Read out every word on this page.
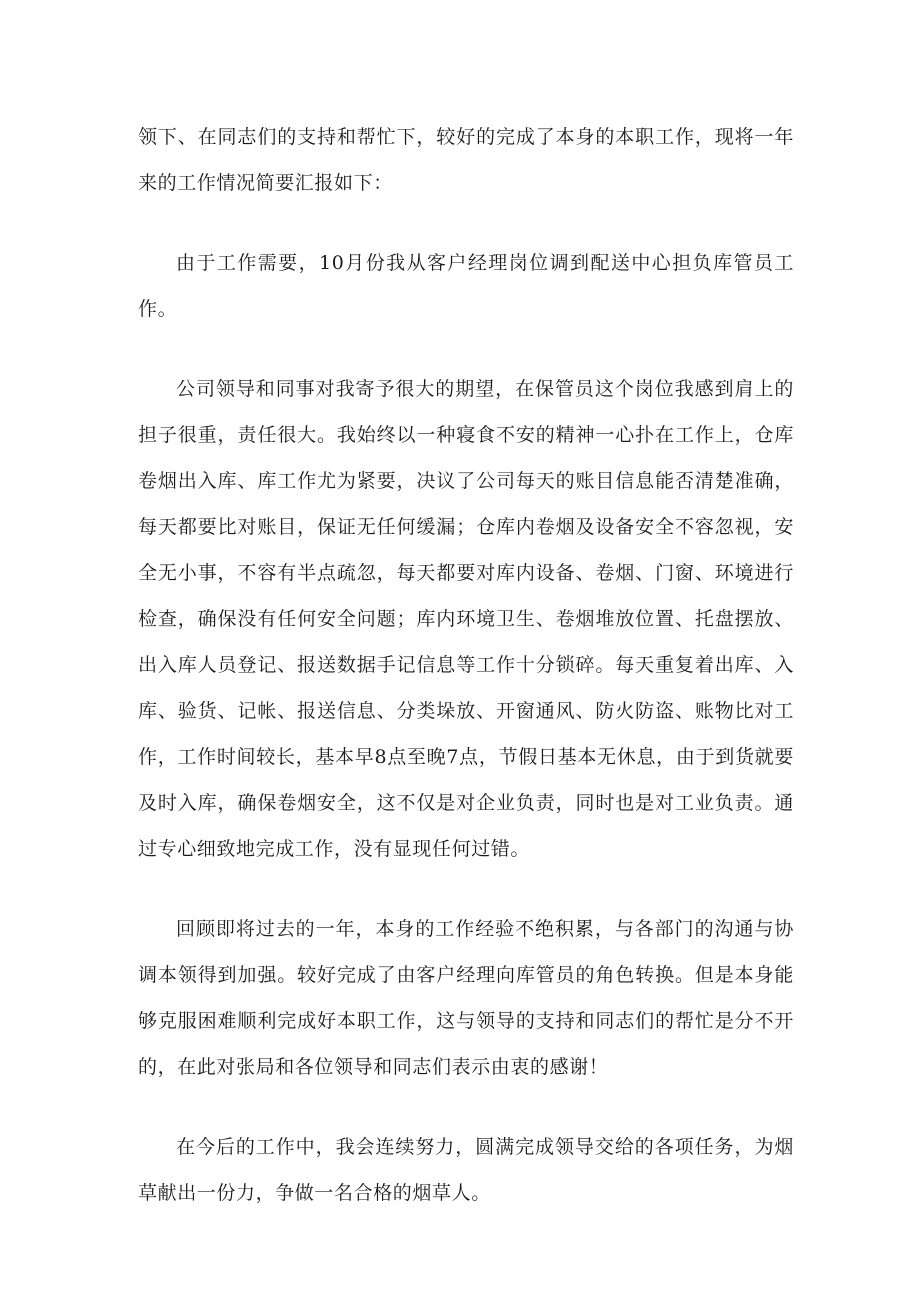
领下、在同志们的支持和帮忙下，较好的完成了本身的本职工作，现将一年来的工作情况简要汇报如下：

由于工作需要，10月份我从客户经理岗位调到配送中心担负库管员工作。

公司领导和同事对我寄予很大的期望，在保管员这个岗位我感到肩上的担子很重，责任很大。我始终以一种寝食不安的精神一心扑在工作上，仓库卷烟出入库、库工作尤为紧要，决议了公司每天的账目信息能否清楚准确，每天都要比对账目，保证无任何缓漏；仓库内卷烟及设备安全不容忽视，安全无小事，不容有半点疏忽，每天都要对库内设备、卷烟、门窗、环境进行检查，确保没有任何安全问题；库内环境卫生、卷烟堆放位置、托盘摆放、出入库人员登记、报送数据手记信息等工作十分锁碎。每天重复着出库、入库、验货、记帐、报送信息、分类垛放、开窗通风、防火防盗、账物比对工作，工作时间较长，基本早8点至晚7点，节假日基本无休息，由于到货就要及时入库，确保卷烟安全，这不仅是对企业负责，同时也是对工业负责。通过专心细致地完成工作，没有显现任何过错。

回顾即将过去的一年，本身的工作经验不绝积累，与各部门的沟通与协调本领得到加强。较好完成了由客户经理向库管员的角色转换。但是本身能够克服困难顺利完成好本职工作，这与领导的支持和同志们的帮忙是分不开的，在此对张局和各位领导和同志们表示由衷的感谢！

在今后的工作中，我会连续努力，圆满完成领导交给的各项任务，为烟草献出一份力，争做一名合格的烟草人。
